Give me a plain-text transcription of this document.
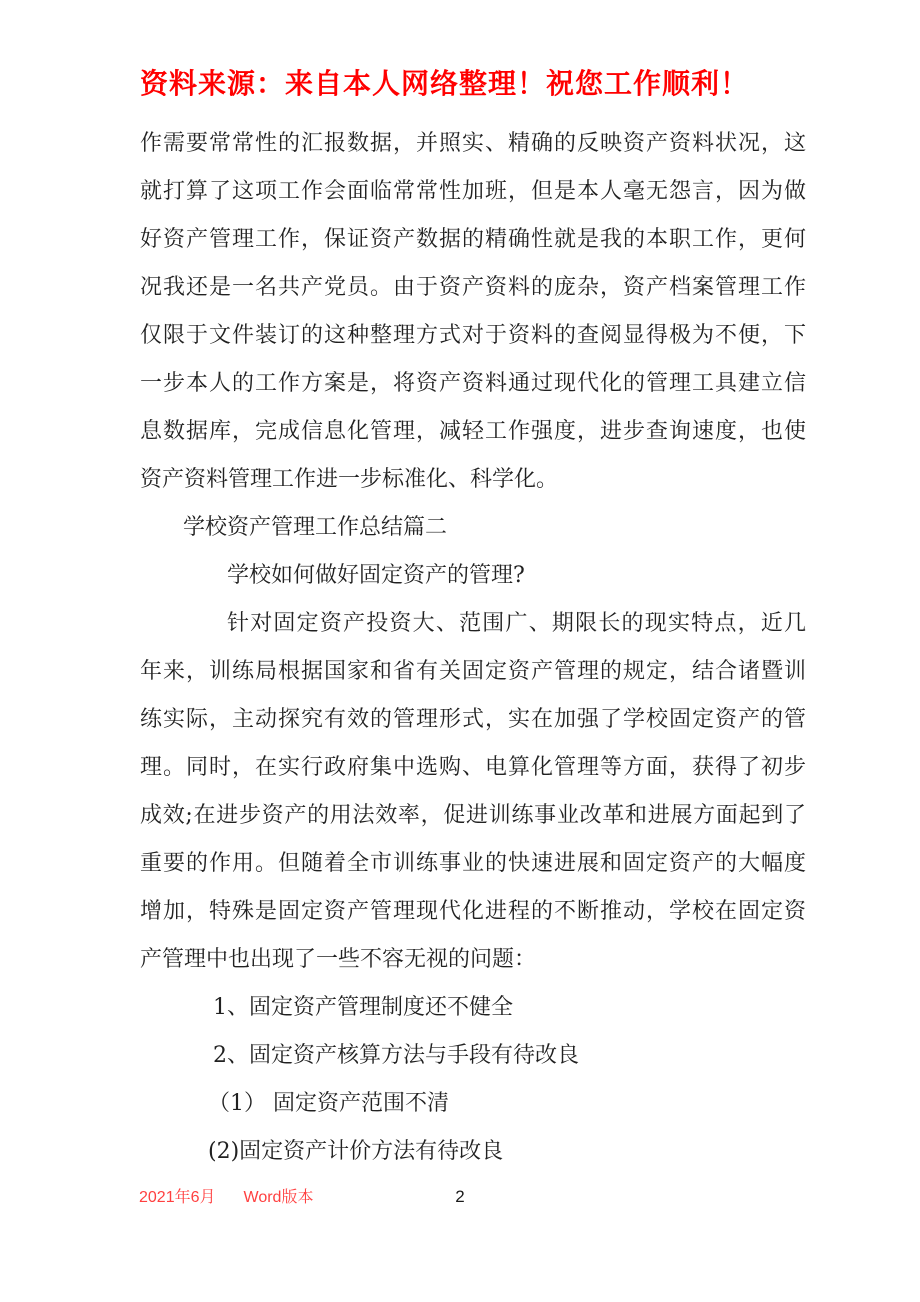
资料来源：来自本人网络整理！祝您工作顺利！
作需要常常性的汇报数据，并照实、精确的反映资产资料状况，这
就打算了这项工作会面临常常性加班，但是本人毫无怨言，因为做
好资产管理工作，保证资产数据的精确性就是我的本职工作，更何
况我还是一名共产党员。由于资产资料的庞杂，资产档案管理工作
仅限于文件装订的这种整理方式对于资料的查阅显得极为不便，下
一步本人的工作方案是，将资产资料通过现代化的管理工具建立信
息数据库，完成信息化管理，减轻工作强度，进步查询速度，也使
资产资料管理工作进一步标准化、科学化。
学校资产管理工作总结篇二
学校如何做好固定资产的管理?
针对固定资产投资大、范围广、期限长的现实特点，近几
年来，训练局根据国家和省有关固定资产管理的规定，结合诸暨训
练实际，主动探究有效的管理形式，实在加强了学校固定资产的管
理。同时，在实行政府集中选购、电算化管理等方面，获得了初步
成效;在进步资产的用法效率，促进训练事业改革和进展方面起到了
重要的作用。但随着全市训练事业的快速进展和固定资产的大幅度
增加，特殊是固定资产管理现代化进程的不断推动，学校在固定资
产管理中也出现了一些不容无视的问题：
1、固定资产管理制度还不健全
2、固定资产核算方法与手段有待改良
（1） 固定资产范围不清
(2)固定资产计价方法有待改良
2021年6月 Word版本	2
